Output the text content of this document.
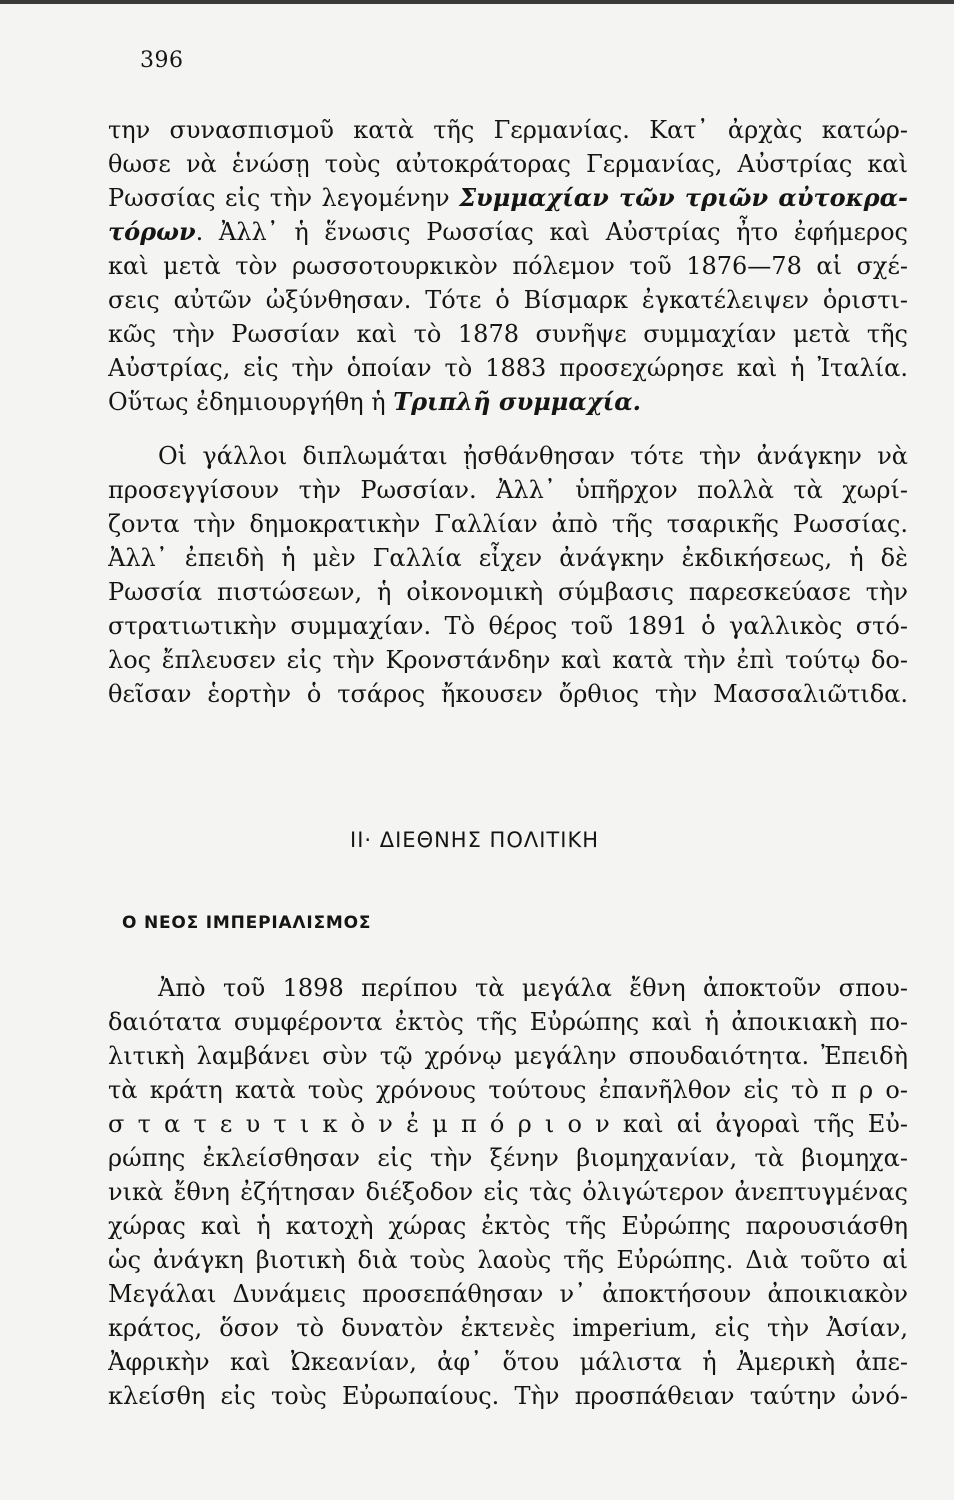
396
την συνασπισμοῦ κατὰ τῆς Γερμανίας. Κατ᾽ ἀρχὰς κατώρ-
θωσε νὰ ἑνώσῃ τοὺς αὐτοκράτορας Γερμανίας, Αὐστρίας καὶ
Ρωσσίας εἰς τὴν λεγομένην Συμμαχίαν τῶν τριῶν αὐτοκρα-
τόρων. Ἀλλ᾽ ἡ ἕνωσις Ρωσσίας καὶ Αὐστρίας ἦτο ἐφήμερος
καὶ μετὰ τὸν ρωσσοτουρκικὸν πόλεμον τοῦ 1876—78 αἱ σχέ-
σεις αὐτῶν ὠξύνθησαν. Τότε ὁ Βίσμαρκ ἐγκατέλειψεν ὁριστι-
κῶς τὴν Ρωσσίαν καὶ τὸ 1878 συνῆψε συμμαχίαν μετὰ τῆς
Αὐστρίας, εἰς τὴν ὁποίαν τὸ 1883 προσεχώρησε καὶ ἡ Ἰταλία.
Οὕτως ἐδημιουργήθη ἡ Τριπλῆ συμμαχία.
Οἱ γάλλοι διπλωμάται ᾐσθάνθησαν τότε τὴν ἀνάγκην νὰ
προσεγγίσουν τὴν Ρωσσίαν. Ἀλλ᾽ ὑπῆρχον πολλὰ τὰ χωρί-
ζοντα τὴν δημοκρατικὴν Γαλλίαν ἀπὸ τῆς τσαρικῆς Ρωσσίας.
Ἀλλ᾽ ἐπειδὴ ἡ μὲν Γαλλία εἶχεν ἀνάγκην ἐκδικήσεως, ἡ δὲ
Ρωσσία πιστώσεων, ἡ οἰκονομικὴ σύμβασις παρεσκεύασε τὴν
στρατιωτικὴν συμμαχίαν. Τὸ θέρος τοῦ 1891 ὁ γαλλικὸς στό-
λος ἔπλευσεν εἰς τὴν Κρονστάνδην καὶ κατὰ τὴν ἐπὶ τούτῳ δο-
θεῖσαν ἑορτὴν ὁ τσάρος ἤκουσεν ὄρθιος τὴν Μασσαλιῶτιδα.
II· ΔΙΕΘΝΗΣ ΠΟΛΙΤΙΚΗ
Ο ΝΕΟΣ ΙΜΠΕΡΙΑΛΙΣΜΟΣ
Ἀπὸ τοῦ 1898 περίπου τὰ μεγάλα ἔθνη ἀποκτοῦν σπου-
δαιότατα συμφέροντα ἐκτὸς τῆς Εὐρώπης καὶ ἡ ἀποικιακὴ πο-
λιτικὴ λαμβάνει σὺν τῷ χρόνῳ μεγάλην σπουδαιότητα. Ἐπειδὴ
τὰ κράτη κατὰ τοὺς χρόνους τούτους ἐπανῆλθον εἰς τὸ π ρ ο-
σ τ α τ ε υ τ ι κ ὸ ν ἐ μ π ό ρ ι ο ν καὶ αἱ ἀγοραὶ τῆς Εὐ-
ρώπης ἐκλείσθησαν εἰς τὴν ξένην βιομηχανίαν, τὰ βιομηχα-
νικὰ ἔθνη ἐζήτησαν διέξοδον εἰς τὰς ὀλιγώτερον ἀνεπτυγμένας
χώρας καὶ ἡ κατοχὴ χώρας ἐκτὸς τῆς Εὐρώπης παρουσιάσθη
ὡς ἀνάγκη βιοτικὴ διὰ τοὺς λαοὺς τῆς Εὐρώπης. Διὰ τοῦτο αἱ
Μεγάλαι Δυνάμεις προσεπάθησαν ν᾽ ἀποκτήσουν ἀποικιακὸν
κράτος, ὅσον τὸ δυνατὸν ἐκτενὲς imperium, εἰς τὴν Ἀσίαν,
Ἀφρικὴν καὶ Ὠκεανίαν, ἀφ᾽ ὅτου μάλιστα ἡ Ἀμερικὴ ἀπε-
κλείσθη εἰς τοὺς Εὐρωπαίους. Τὴν προσπάθειαν ταύτην ὠνό-
